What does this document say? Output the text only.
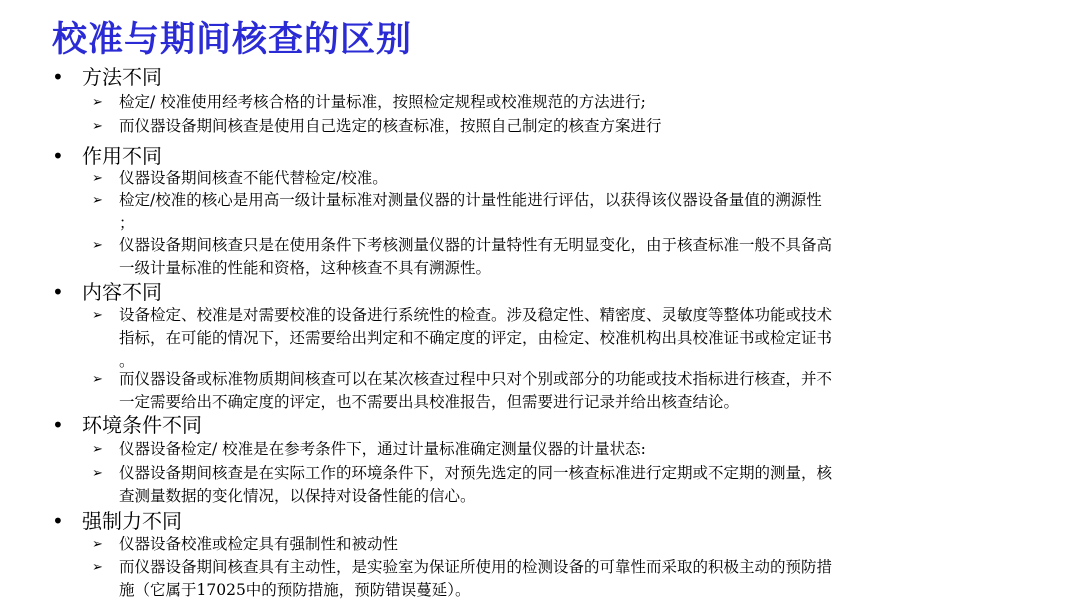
校准与期间核查的区别
• 方法不同
➢ 检定/ 校准使用经考核合格的计量标准，按照检定规程或校准规范的方法进行;
➢ 而仪器设备期间核查是使用自己选定的核查标准，按照自己制定的核查方案进行
• 作用不同
➢ 仪器设备期间核查不能代替检定/校准。
➢ 检定/校准的核心是用高一级计量标准对测量仪器的计量性能进行评估，以获得该仪器设备量值的溯源性
；
➢ 仪器设备期间核查只是在使用条件下考核测量仪器的计量特性有无明显变化，由于核查标准一般不具备高
一级计量标准的性能和资格，这种核查不具有溯源性。
• 内容不同
➢ 设备检定、校准是对需要校准的设备进行系统性的检查。涉及稳定性、精密度、灵敏度等整体功能或技术
指标，在可能的情况下，还需要给出判定和不确定度的评定，由检定、校准机构出具校准证书或检定证书
。
➢ 而仪器设备或标准物质期间核查可以在某次核查过程中只对个别或部分的功能或技术指标进行核查，并不
一定需要给出不确定度的评定，也不需要出具校准报告，但需要进行记录并给出核查结论。
• 环境条件不同
➢ 仪器设备检定/ 校准是在参考条件下，通过计量标准确定测量仪器的计量状态:
➢ 仪器设备期间核查是在实际工作的环境条件下，对预先选定的同一核查标准进行定期或不定期的测量，核
查测量数据的变化情况，以保持对设备性能的信心。
• 强制力不同
➢ 仪器设备校准或检定具有强制性和被动性
➢ 而仪器设备期间核查具有主动性，是实验室为保证所使用的检测设备的可靠性而采取的积极主动的预防措
施（它属于17025中的预防措施，预防错误蔓延）。
